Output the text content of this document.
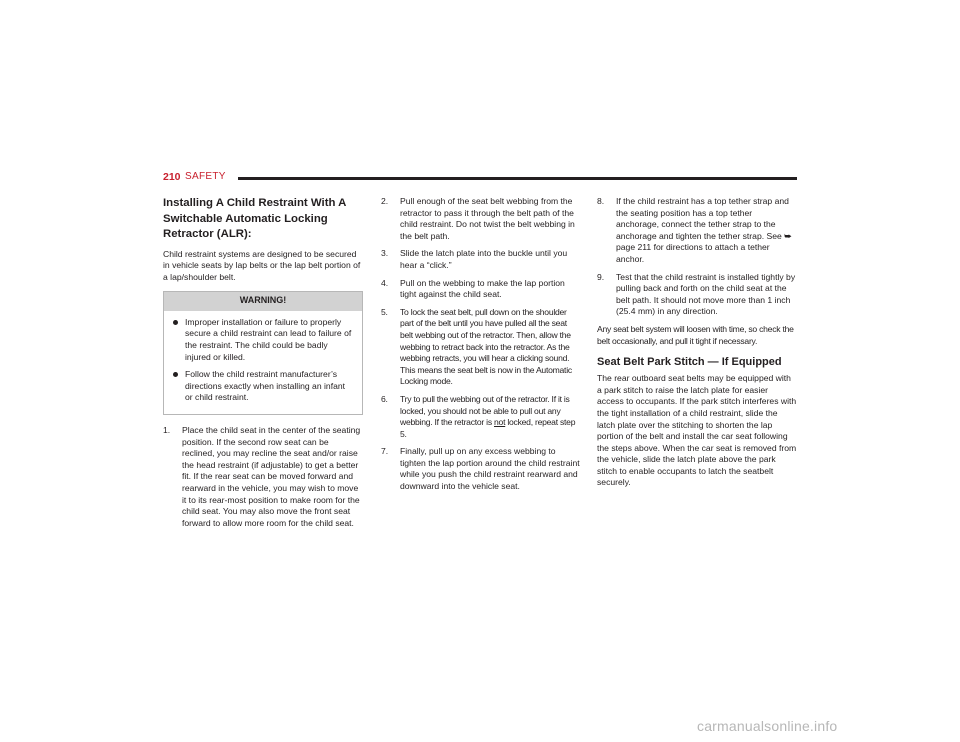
210 SAFETY
Installing A Child Restraint With A Switchable Automatic Locking Retractor (ALR):

Child restraint systems are designed to be secured in vehicle seats by lap belts or the lap belt portion of a lap/shoulder belt.

WARNING!
Improper installation or failure to properly secure a child restraint can lead to failure of the restraint. The child could be badly injured or killed.
Follow the child restraint manufacturer’s directions exactly when installing an infant or child restraint.
1. Place the child seat in the center of the seating position. If the second row seat can be reclined, you may recline the seat and/or raise the head restraint (if adjustable) to get a better fit. If the rear seat can be moved forward and rearward in the vehicle, you may wish to move it to its rear-most position to make room for the child seat. You may also move the front seat forward to allow more room for the child seat.
2. Pull enough of the seat belt webbing from the retractor to pass it through the belt path of the child restraint. Do not twist the belt webbing in the belt path.
3. Slide the latch plate into the buckle until you hear a “click.”
4. Pull on the webbing to make the lap portion tight against the child seat.
5. To lock the seat belt, pull down on the shoulder part of the belt until you have pulled all the seat belt webbing out of the retractor. Then, allow the webbing to retract back into the retractor. As the webbing retracts, you will hear a clicking sound. This means the seat belt is now in the Automatic Locking mode.
6. Try to pull the webbing out of the retractor. If it is locked, you should not be able to pull out any webbing. If the retractor is not locked, repeat step 5.
7. Finally, pull up on any excess webbing to tighten the lap portion around the child restraint while you push the child restraint rearward and downward into the vehicle seat.
8. If the child restraint has a top tether strap and the seating position has a top tether anchorage, connect the tether strap to the anchorage and tighten the tether strap. See ⮩ page 211 for directions to attach a tether anchor.
9. Test that the child restraint is installed tightly by pulling back and forth on the child seat at the belt path. It should not move more than 1 inch (25.4 mm) in any direction.

Any seat belt system will loosen with time, so check the belt occasionally, and pull it tight if necessary.

Seat Belt Park Stitch — If Equipped

The rear outboard seat belts may be equipped with a park stitch to raise the latch plate for easier access to occupants. If the park stitch interferes with the tight installation of a child restraint, slide the latch plate over the stitching to shorten the lap portion of the belt and install the car seat following the steps above. When the car seat is removed from the vehicle, slide the latch plate above the park stitch to enable occupants to latch the seatbelt securely.

carmanualsonline.info
